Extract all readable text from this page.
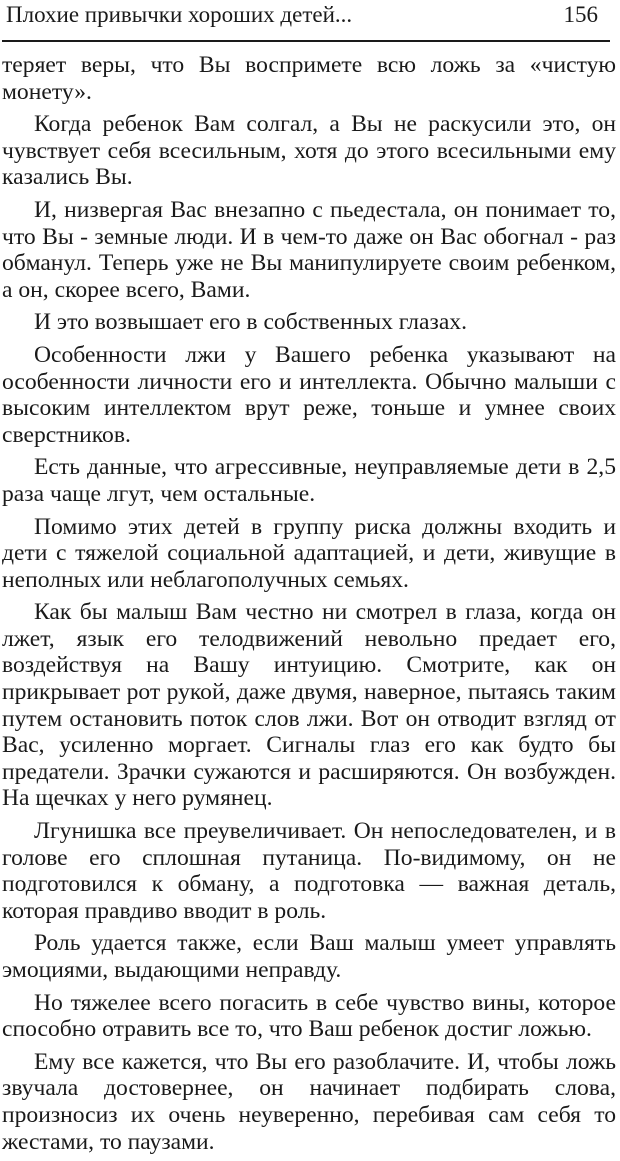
Плохие привычки хороших детей...	156

теряет веры, что Вы воспримете всю ложь за «чистую монету».

Когда ребенок Вам солгал, а Вы не раскусили это, он чувствует себя всесильным, хотя до этого всесильными ему казались Вы.

И, низвергая Вас внезапно с пьедестала, он понимает то, что Вы - земные люди. И в чем-то даже он Вас обогнал - раз обманул. Теперь уже не Вы манипулируете своим ребенком, а он, скорее всего, Вами.

И это возвышает его в собственных глазах.

Особенности лжи у Вашего ребенка указывают на особенности личности его и интеллекта. Обычно малыши с высоким интеллектом врут реже, тоньше и умнее своих сверстников.

Есть данные, что агрессивные, неуправляемые дети в 2,5 раза чаще лгут, чем остальные.

Помимо этих детей в группу риска должны входить и дети с тяжелой социальной адаптацией, и дети, живущие в неполных или неблагополучных семьях.

Как бы малыш Вам честно ни смотрел в глаза, когда он лжет, язык его телодвижений невольно предает его, воздействуя на Вашу интуицию. Смотрите, как он прикрывает рот рукой, даже двумя, наверное, пытаясь таким путем остановить поток слов лжи. Вот он отводит взгляд от Вас, усиленно моргает. Сигналы глаз его как будто бы предатели. Зрачки сужаются и расширяются. Он возбужден. На щечках у него румянец.

Лгунишка все преувеличивает. Он непоследователен, и в голове его сплошная путаница. По-видимому, он не подготовился к обману, а подготовка — важная деталь, которая правдиво вводит в роль.

Роль удается также, если Ваш малыш умеет управлять эмоциями, выдающими неправду.

Но тяжелее всего погасить в себе чувство вины, которое способно отравить все то, что Ваш ребенок достиг ложью.

Ему все кажется, что Вы его разоблачите. И, чтобы ложь звучала достовернее, он начинает подбирать слова, произносиз их очень неуверенно, перебивая сам себя то жестами, то паузами.
